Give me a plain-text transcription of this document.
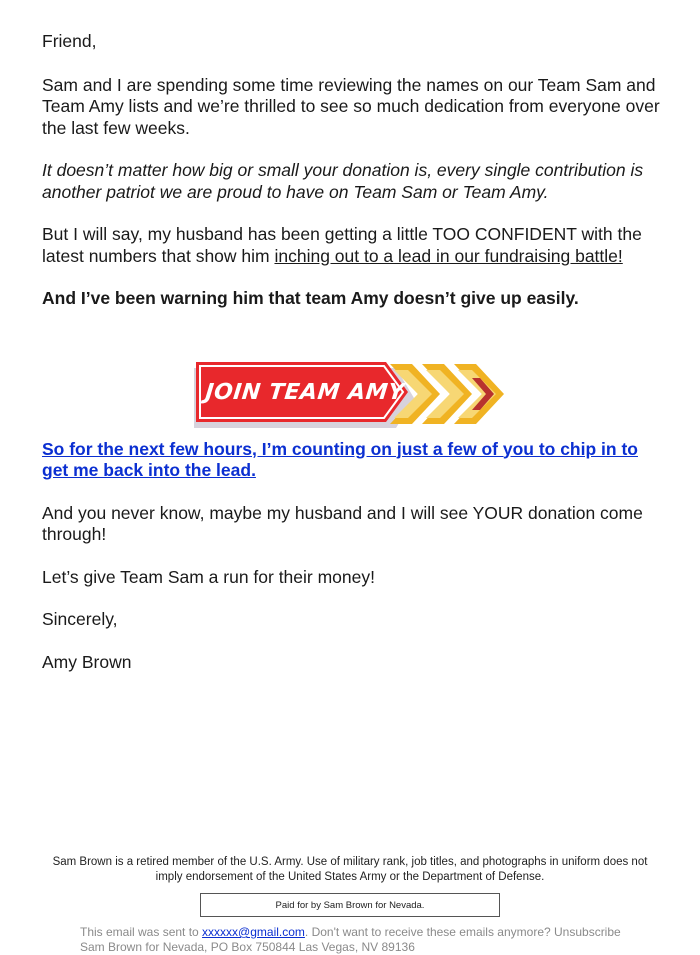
Friend,

Sam and I are spending some time reviewing the names on our Team Sam and Team Amy lists and we’re thrilled to see so much dedication from everyone over the last few weeks.

It doesn’t matter how big or small your donation is, every single contribution is another patriot we are proud to have on Team Sam or Team Amy.

But I will say, my husband has been getting a little TOO CONFIDENT with the latest numbers that show him inching out to a lead in our fundraising battle!

And I’ve been warning him that team Amy doesn’t give up easily.

So for the next few hours, I’m counting on just a few of you to chip in to get me back into the lead.

And you never know, maybe my husband and I will see YOUR donation come through!

Let’s give Team Sam a run for their money!

Sincerely,

Amy Brown

JOIN TEAM AMY

Sam Brown is a retired member of the U.S. Army. Use of military rank, job titles, and photographs in uniform does not imply endorsement of the United States Army or the Department of Defense.

Paid for by Sam Brown for Nevada.
This email was sent to xxxxxx@gmail.com. Don't want to receive these emails anymore? Unsubscribe
Sam Brown for Nevada, PO Box 750844 Las Vegas, NV 89136
